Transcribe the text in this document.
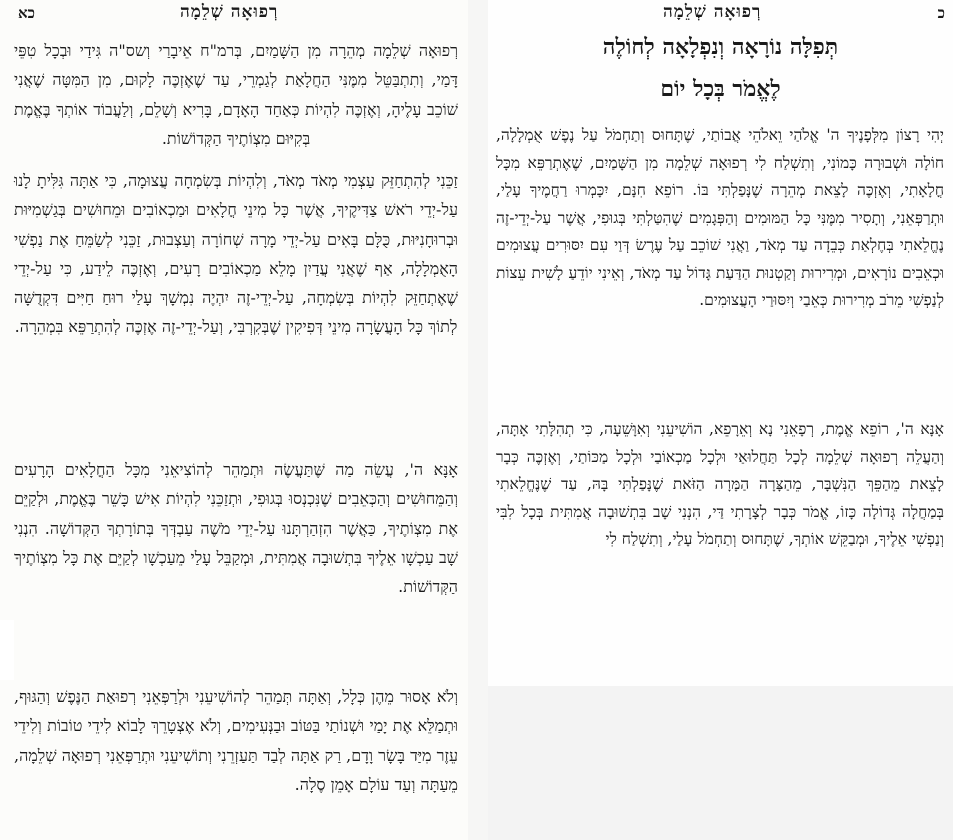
רְפוּאָה שְׁלֵמָה
כא

רְפוּאָה שְׁלֵמָה מְהֵרָה מִן הַשָּׁמַיִם, בְּרמ"ח אֵיבָרַי וְשס"ה גִּידַי וּבְכָל טִפֵּי דָּמַי, וְתִתְבַּטֵּל מִמֶּנִּי הַחֲלָאַת לְגַמְרֵי, עַד שֶׁאֶזְכֶּה לָקוּם, מִן הַמִּטָּה שֶׁאֲנִי שׁוֹכֵב עָלֶיהָ, וְאֶזְכֶּה לִהְיוֹת כְּאַחַד הָאָדָם, בָּרִיא וְשָׁלֵם, וְלַעֲבוֹד אוֹתְךָ בֶּאֱמֶת בְּקִיּוּם מִצְוֹתֶיךָ הַקְּדוֹשׁוֹת.

זַכֵּנִי לְהִתְחַזֵּק עַצְמִי מְאֹד מְאֹד, וְלִהְיוֹת בְּשִׂמְחָה עֲצוּמָה, כִּי אַתָּה גִּלִּיתָ לָנוּ עַל-יְדֵי רֹאשׁ צַדִּיקֶיךָ, אֲשֶׁר כָּל מִינֵי חֳלָאִים וּמַכְאוֹבִים וּמֵחוּשִׁים בְּגַשְׁמִיּוּת וּבְרוּחָנִיּוּת, כֻּלָּם בָּאִים עַל-יְדֵי מָרָה שְׁחוֹרָה וְעַצְבוּת, זַכֵּנִי לְשַׂמֵּחַ אֶת נַפְשִׁי הָאֻמְלָלָה, אַף שֶׁאֲנִי עֲדַיִן מָלֵא מַכְאוֹבִים רָעִים, וְאֶזְכֶּה לֵידַע, כִּי עַל-יְדֵי שֶׁאֶתְחַזֵּק לִהְיוֹת בְּשִׂמְחָה, עַל-יְדֵי-זֶה יִהְיֶה נִמְשָׁךְ עָלַי רוּחַ חַיִּים דִּקְדֻשָּׁה לְתוֹךְ כָּל הָעֲשָׂרָה מִינֵי דְּפִיקִין שֶׁבְּקִרְבִּי, וְעַל-יְדֵי-זֶה אֶזְכֶּה לְהִתְרַפֵּא בִּמְהֵרָה.

אָנָּא ה', עֲשֵׂה מַה שֶּׁתַּעֲשֶׂה וּתְמַהֵר לְהוֹצִיאֵנִי מִכָּל הַחֳלָאִים הָרָעִים וְהַמֵּחוּשִׁים וְהַכְּאֵבִים שֶׁנִּכְנְסוּ בְּגוּפִי, וּתְזַכֵּנִי לִהְיוֹת אִישׁ כָּשֵׁר בֶּאֱמֶת, וּלְקַיֵּם אֶת מִצְוֹתֶיךָ, כַּאֲשֶׁר הִזְהַרְתָּנוּ עַל-יְדֵי מֹשֶׁה עַבְדְּךָ בְּתוֹרָתְךָ הַקְּדוֹשָׁה. הִנְנִי שָׁב עַכְשָׁו אֵלֶיךָ בִּתְשׁוּבָה אֲמִתִּית, וּמְקַבֵּל עָלַי מֵעַכְשָׁו לְקַיֵּם אֶת כָּל מִצְוֹתֶיךָ הַקְּדוֹשׁוֹת.

וְלֹא אָסוּר מֵהֶן כְּלָל, וְאַתָּה תְּמַהֵר לְהוֹשִׁיעֵנִי וּלְרַפְּאֵנִי רְפוּאַת הַנֶּפֶשׁ וְהַגּוּף, וּתְמַלֵּא אֶת יָמַי וּשְׁנוֹתַי בַּטּוֹב וּבַנְּעִימִים, וְלֹא אֶצְטָרֵךְ לָבוֹא לִידֵי טוֹבוֹת וְלִידֵי עֵזֶר מִיַּד בָּשָׂר וָדָם, רַק אַתָּה לְבַד תַּעַזְרֵנִי וְתוֹשִׁיעֵנִי וּתְרַפְּאֵנִי רְפוּאָה שְׁלֵמָה, מֵעַתָּה וְעַד עוֹלָם אָמֵן סֶלָה.

רְפוּאָה שְׁלֵמָה	כ
תְּפִלָּה נוֹרָאָה וְנִפְלָאָה לְחוֹלֶה
לֶאֱמֹר בְּכָל יוֹם

יְהִי רָצוֹן מִלְּפָנֶיךָ ה' אֱלֹהַי וֵאלֹהֵי אֲבוֹתַי, שֶׁתָּחוּס וְתַחְמֹל עַל נֶפֶשׁ אֻמְלָלָה, חוֹלָה וּשְׁבוּרָה כָּמוֹנִי, וְתִשְׁלַח לִי רְפוּאָה שְׁלֵמָה מִן הַשָּׁמַיִם, שֶׁאֶתְרַפֵּא מִכָּל חֳלָאָתִי, וְאֶזְכֶּה לָצֵאת מְהֵרָה שֶׁנָּפַלְתִּי בּוֹ. רוֹפֵא חִנָּם, יִכָּמְרוּ רַחֲמֶיךָ עָלַי, וּתְרַפְּאֵנִי, וְתָסִיר מִמֶּנִּי כָּל הַמּוּמִים וְהַפְּגָמִים שֶׁהִטַּלְתִּי בְּגוּפִי, אֲשֶׁר עַל-יְדֵי-זֶה נֶחֱלֵאתִי בְּחֶלְאַת כְּבֵדָה עַד מְאֹד, וַאֲנִי שׁוֹכֵב עַל עֶרֶשׂ דְּוַי עִם יִסּוּרִים עֲצוּמִים וּכְאֵבִים נוֹרָאִים, וּמְרִירוּת וְקַטְנוּת הַדַּעַת גָּדוֹל עַד מְאֹד, וְאֵינִי יוֹדֵעַ לָשִׁית עֵצוֹת לְנַפְשִׁי מֵרֹב מְרִירוּת כְּאֵבַי וְיִסּוּרַי הָעֲצוּמִים.

אָנָּא ה', רוֹפֵא אֱמֶת, רְפָאֵנִי נָא וְאֵרָפֵא, הוֹשִׁיעֵנִי וְאִוָּשֵׁעָה, כִּי תְהִלָּתִי אָתָּה, וְהַעֲלֵה רְפוּאָה שְׁלֵמָה לְכָל תַּחֲלוּאַי וּלְכָל מַכְאוֹבַי וּלְכָל מַכּוֹתַי, וְאֶזְכֶּה כְּבָר לָצֵאת מֵהַפֵּךְ הַנִּשְׁבָּר, מֵהַצָּרָה הַמָּרָה הַזֹּאת שֶׁנָּפַלְתִּי בָּהּ, עַד שֶׁנֶּחֱלֵאתִי בְּמַחֲלָה גְּדוֹלָה כָּזוֹ, אֱמֹר כְּבָר לְצָרָתִי דַּי, הִנְנִי שָׁב בִּתְשׁוּבָה אֲמִתִּית בְּכָל לִבִּי וְנַפְשִׁי אֵלֶיךָ, וּמְבַקֵּשׁ אוֹתְךָ, שֶׁתָּחוּס וְתַחְמֹל עָלַי, וְתִשְׁלַח לִי
